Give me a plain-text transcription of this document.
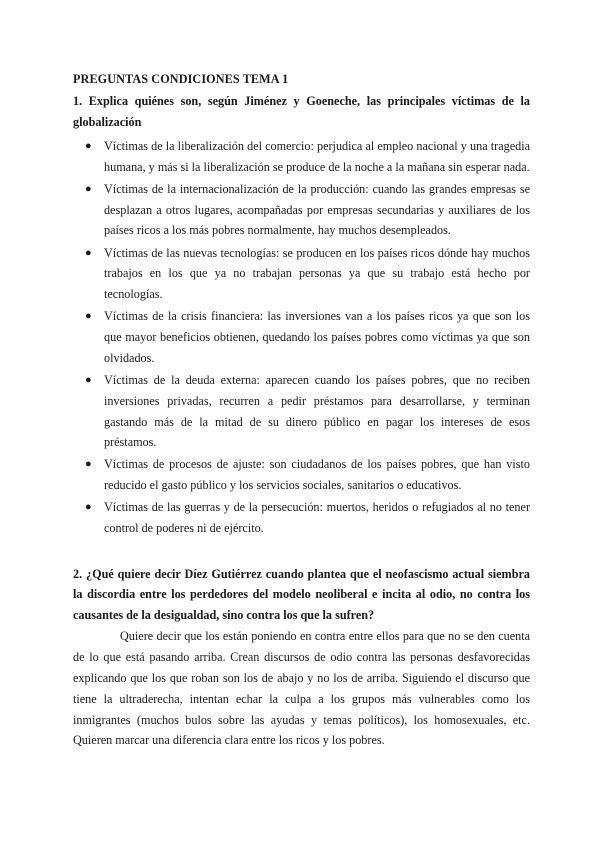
PREGUNTAS CONDICIONES TEMA 1

1. Explica quiénes son, según Jiménez y Goeneche, las principales víctimas de la globalización

● Víctimas de la liberalización del comercio: perjudica al empleo nacional y una tragedia humana, y más si la liberalización se produce de la noche a la mañana sin esperar nada.
● Víctimas de la internacionalización de la producción: cuando las grandes empresas se desplazan a otros lugares, acompañadas por empresas secundarias y auxiliares de los países ricos a los más pobres normalmente, hay muchos desempleados.
● Víctimas de las nuevas tecnologías: se producen en los países ricos dónde hay muchos trabajos en los que ya no trabajan personas ya que su trabajo está hecho por tecnologías.
● Víctimas de la crisis financiera: las inversiones van a los países ricos ya que son los que mayor beneficios obtienen, quedando los países pobres como víctimas ya que son olvidados.
● Víctimas de la deuda externa: aparecen cuando los países pobres, que no reciben inversiones privadas, recurren a pedir préstamos para desarrollarse, y terminan gastando más de la mitad de su dinero público en pagar los intereses de esos préstamos.
● Víctimas de procesos de ajuste: son ciudadanos de los países pobres, que han visto reducido el gasto público y los servicios sociales, sanitarios o educativos.
● Víctimas de las guerras y de la persecución: muertos, heridos o refugiados al no tener control de poderes ni de ejército.

2. ¿Qué quiere decir Díez Gutiérrez cuando plantea que el neofascismo actual siembra la discordia entre los perdedores del modelo neoliberal e incita al odio, no contra los causantes de la desigualdad, sino contra los que la sufren?

Quiere decir que los están poniendo en contra entre ellos para que no se den cuenta de lo que está pasando arriba. Crean discursos de odio contra las personas desfavorecidas explicando que los que roban son los de abajo y no los de arriba. Siguiendo el discurso que tiene la ultraderecha, intentan echar la culpa a los grupos más vulnerables como los inmigrantes (muchos bulos sobre las ayudas y temas políticos), los homosexuales, etc. Quieren marcar una diferencia clara entre los ricos y los pobres.
